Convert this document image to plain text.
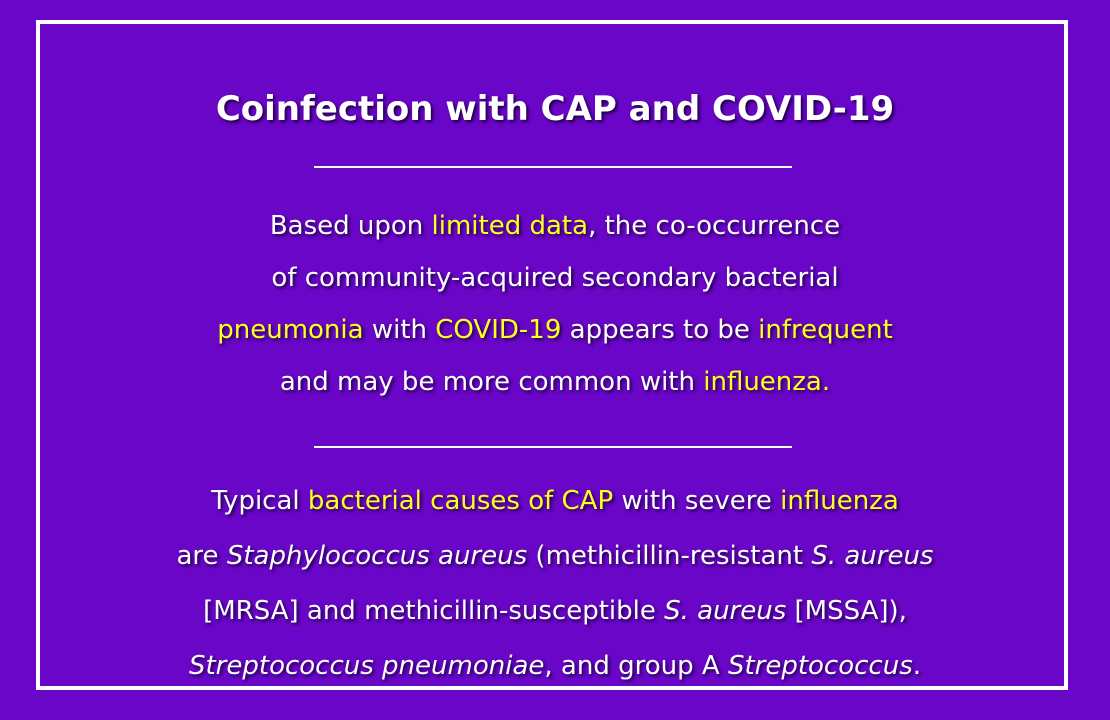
Coinfection with CAP and COVID-19
Based upon limited data, the co-occurrence
of community-acquired secondary bacterial
pneumonia with COVID-19 appears to be infrequent
and may be more common with influenza.
Typical bacterial causes of CAP with severe influenza
are Staphylococcus aureus (methicillin-resistant S. aureus
[MRSA] and methicillin-susceptible S. aureus [MSSA]),
Streptococcus pneumoniae, and group A Streptococcus.
